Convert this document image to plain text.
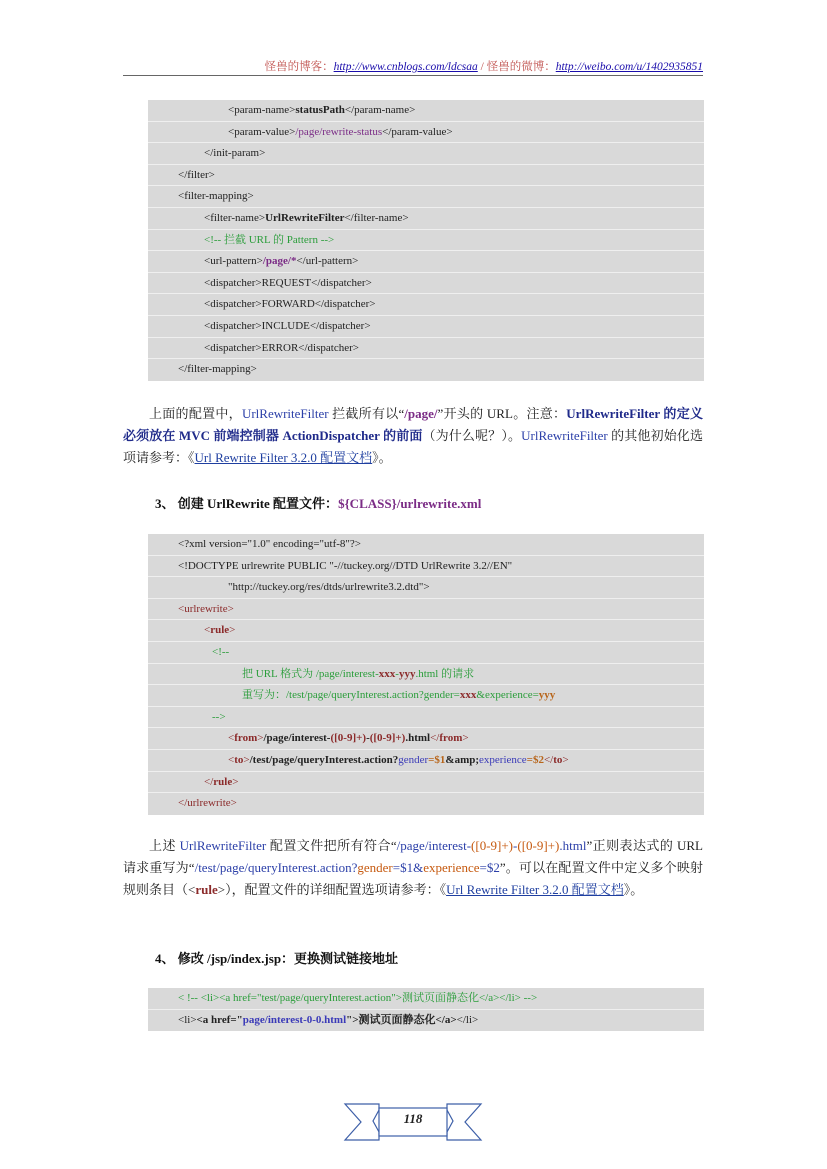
怪兽的博客：http://www.cnblogs.com/ldcsaa / 怪兽的微博：http://weibo.com/u/1402935851
<param-name>statusPath</param-name>
<param-value>/page/rewrite-status</param-value>
</init-param>
</filter>
<filter-mapping>
<filter-name>UrlRewriteFilter</filter-name>
<!-- 拦截 URL 的 Pattern -->
<url-pattern>/page/*</url-pattern>
<dispatcher>REQUEST</dispatcher>
<dispatcher>FORWARD</dispatcher>
<dispatcher>INCLUDE</dispatcher>
<dispatcher>ERROR</dispatcher>
</filter-mapping>
上面的配置中，UrlRewriteFilter 拦截所有以“/page/”开头的 URL。注意：UrlRewriteFilter 的定义必须放在 MVC 前端控制器 ActionDispatcher 的前面（为什么呢？）。UrlRewriteFilter 的其他初始化选项请参考：《Url Rewrite Filter 3.2.0 配置文档》。
3、 创建 UrlRewrite 配置文件：${CLASS}/urlrewrite.xml
<?xml version="1.0" encoding="utf-8"?>
<!DOCTYPE urlrewrite PUBLIC "-//tuckey.org//DTD UrlRewrite 3.2//EN"
"http://tuckey.org/res/dtds/urlrewrite3.2.dtd">
<urlrewrite>
<rule>
<!--
把 URL 格式为 /page/interest-xxx-yyy.html 的请求
重写为：/test/page/queryInterest.action?gender=xxx&experience=yyy
-->
<from>/page/interest-([0-9]+)-([0-9]+).html</from>
<to>/test/page/queryInterest.action?gender=$1&amp;experience=$2</to>
</rule>
</urlrewrite>
上述 UrlRewriteFilter 配置文件把所有符合“/page/interest-([0-9]+)-([0-9]+).html”正则表达式的 URL 请求重写为“/test/page/queryInterest.action?gender=$1&experience=$2”。可以在配置文件中定义多个映射规则条目（<rule>），配置文件的详细配置选项请参考：《Url Rewrite Filter 3.2.0 配置文档》。
4、 修改 /jsp/index.jsp：更换测试链接地址
< !-- <li><a href="test/page/queryInterest.action">测试页面静态化</a></li> -->
<li><a href="page/interest-0-0.html">测试页面静态化</a></li>
118
